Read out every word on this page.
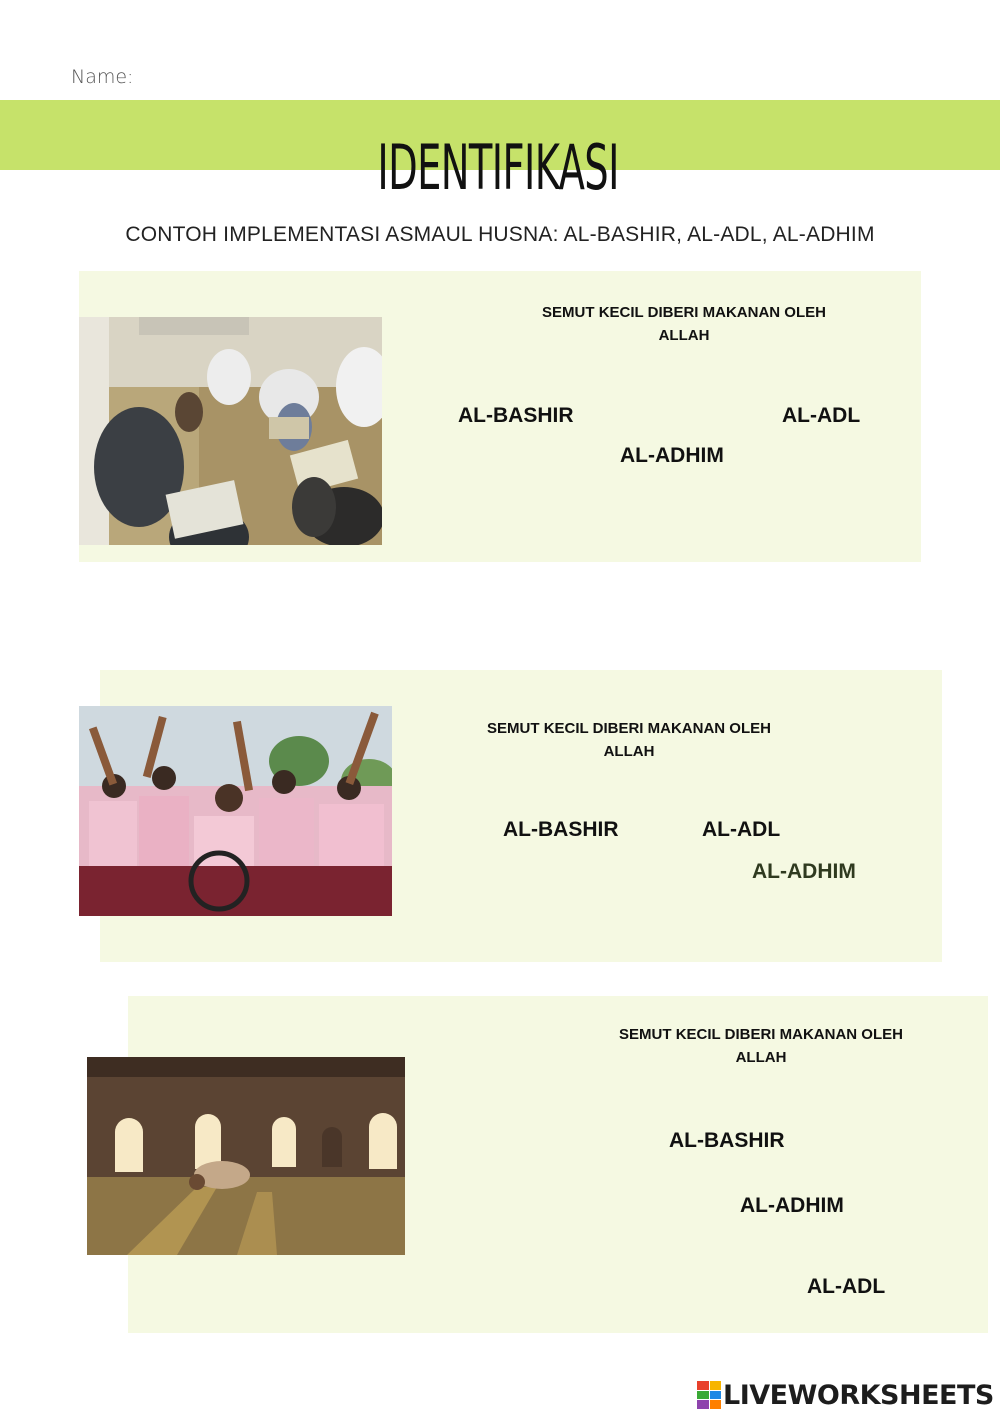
Name:
IDENTIFIKASI
CONTOH IMPLEMENTASI ASMAUL HUSNA: AL-BASHIR, AL-ADL, AL-ADHIM
SEMUT KECIL DIBERI MAKANAN OLEH
ALLAH
AL-BASHIR	AL-ADL
AL-ADHIM
SEMUT KECIL DIBERI MAKANAN OLEH
ALLAH
AL-BASHIR	AL-ADL
AL-ADHIM
SEMUT KECIL DIBERI MAKANAN OLEH
ALLAH
AL-BASHIR
AL-ADHIM
AL-ADL
LIVEWORKSHEETS
